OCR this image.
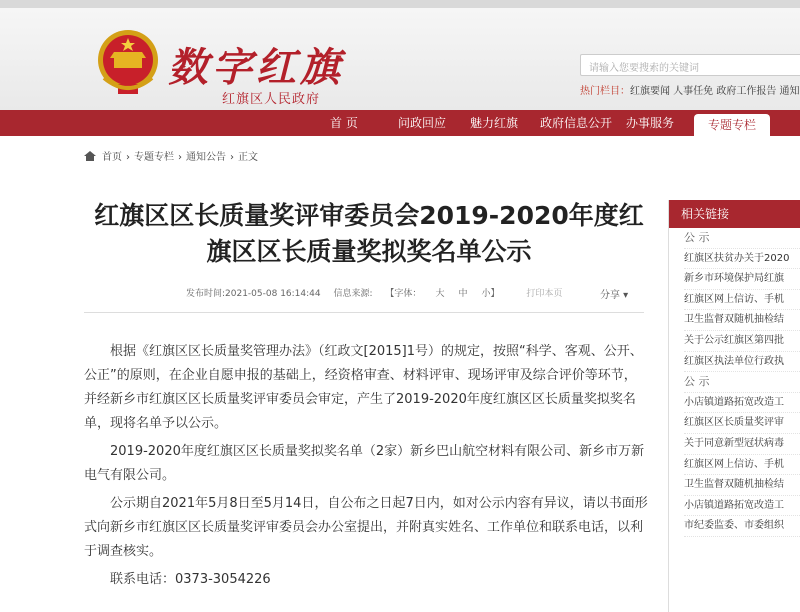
数字红旗
红旗区人民政府
请输入您要搜索的关键词
热门栏目：红旗要闻 人事任免 政府工作报告 通知
首 页	问政回应 魅力红旗 政府信息公开 办事服务	专题专栏
首页 › 专题专栏 › 通知公告 › 正文
红旗区区长质量奖评审委员会2019-2020年度红旗区区长质量奖拟奖名单公示
发布时间:2021-05-08 16:14:44 信息来源: 【字体： 大 中 小】	打印本页	分享 ▾

根据《红旗区区长质量奖管理办法》（红政文[2015]1号）的规定，按照“科学、客观、公开、公正”的原则，在企业自愿申报的基础上，经资格审查、材料评审、现场评审及综合评价等环节，并经新乡市红旗区区长质量奖评审委员会审定，产生了2019-2020年度红旗区区长质量奖拟奖名单，现将名单予以公示。

2019-2020年度红旗区区长质量奖拟奖名单（2家）新乡巴山航空材料有限公司、新乡市万新电气有限公司。

公示期自2021年5月8日至5月14日，自公布之日起7日内，如对公示内容有异议，请以书面形式向新乡市红旗区区长质量奖评审委员会办公室提出，并附真实姓名、工作单位和联系电话，以利于调查核实。

联系电话：0373-3054226

相关链接
公 示
红旗区扶贫办关于2020
新乡市环境保护局红旗
红旗区网上信访、手机
卫生监督双随机抽检结
关于公示红旗区第四批
红旗区执法单位行政执
公 示
小店镇道路拓宽改造工
红旗区区长质量奖评审
关于同意新型冠状病毒
红旗区网上信访、手机
卫生监督双随机抽检结
小店镇道路拓宽改造工
市纪委监委、市委组织
